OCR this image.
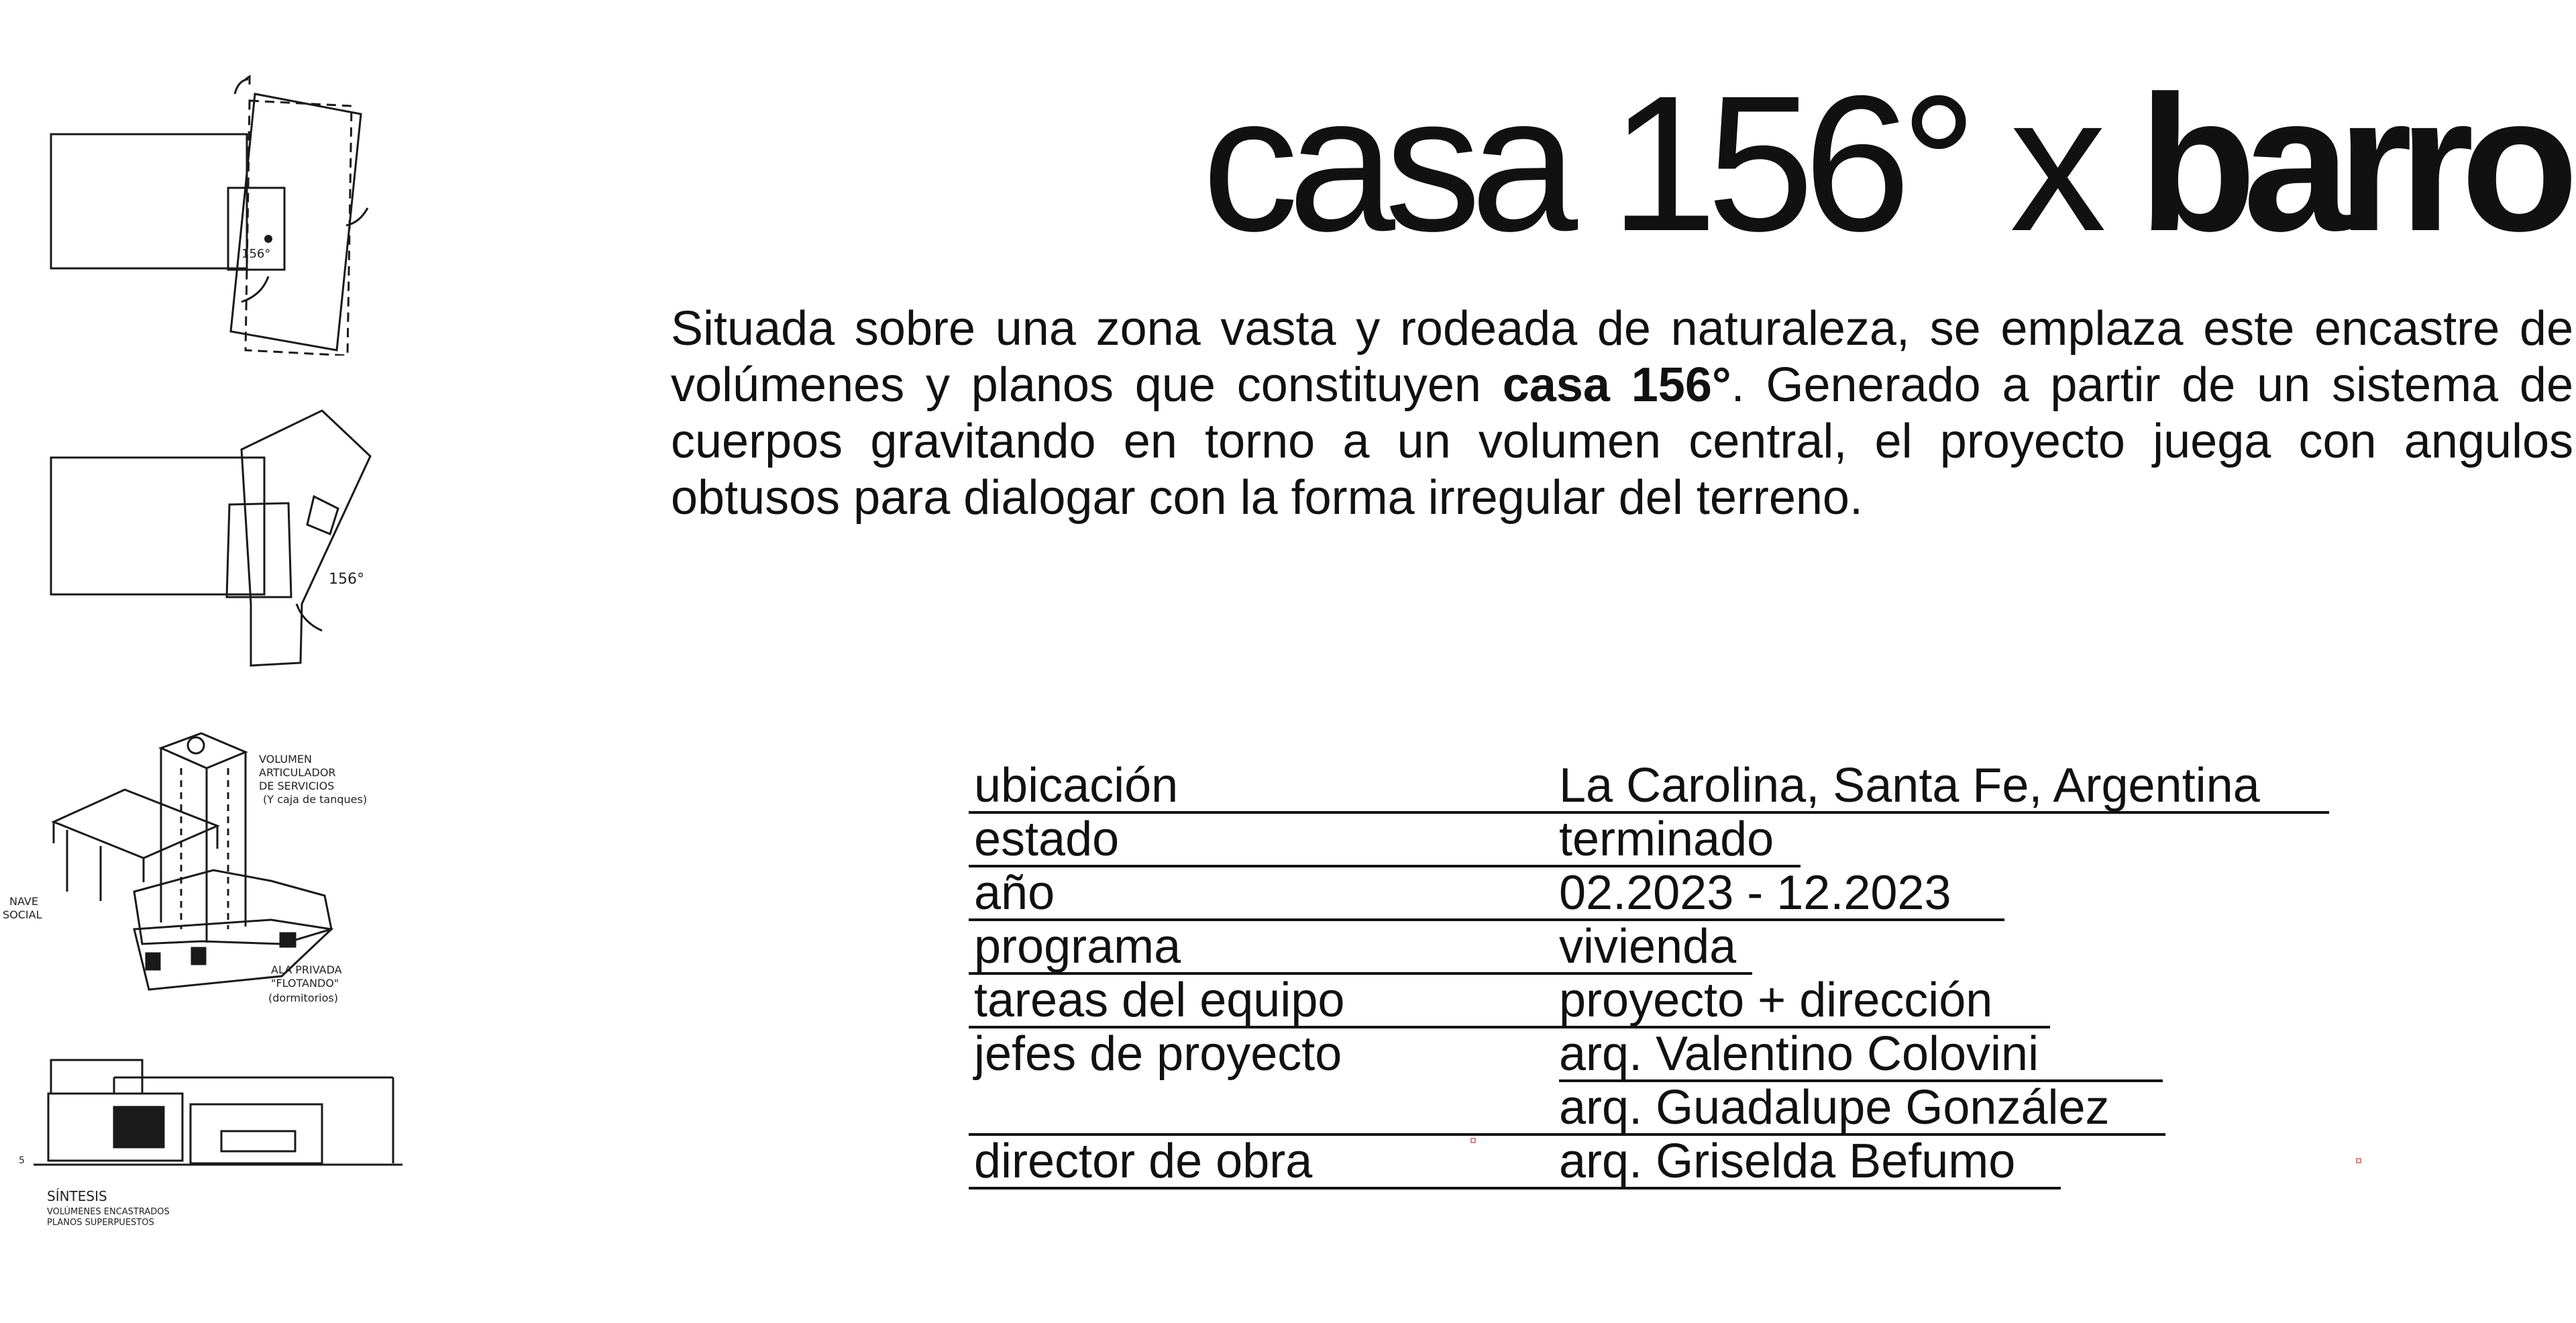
156°
156°
VOLUMEN
ARTICULADOR
DE SERVICIOS
(Y caja de tanques)
NAVE
SOCIAL
ALA PRIVADA
"FLOTANDO"
(dormitorios)
5
SÍNTESIS
VOLÚMENES ENCASTRADOS
PLANOS SUPERPUESTOS
casa 156° x barro

Situada sobre una zona vasta y rodeada de naturaleza, se emplaza este encastre de volúmenes y planos que constituyen casa 156°. Generado a partir de un sistema de cuerpos gravitando en torno a un volumen central, el proyecto juega con angulos obtusos para dialogar con la forma irregular del terreno.

ubicación	La Carolina, Santa Fe, Argentina
estado	terminado
año	02.2023 - 12.2023
programa	vivienda
tareas del equipo	proyecto + dirección
jefes de proyecto	arq. Valentino Colovini
arq. Guadalupe González
director de obra	arq. Griselda Befumo
